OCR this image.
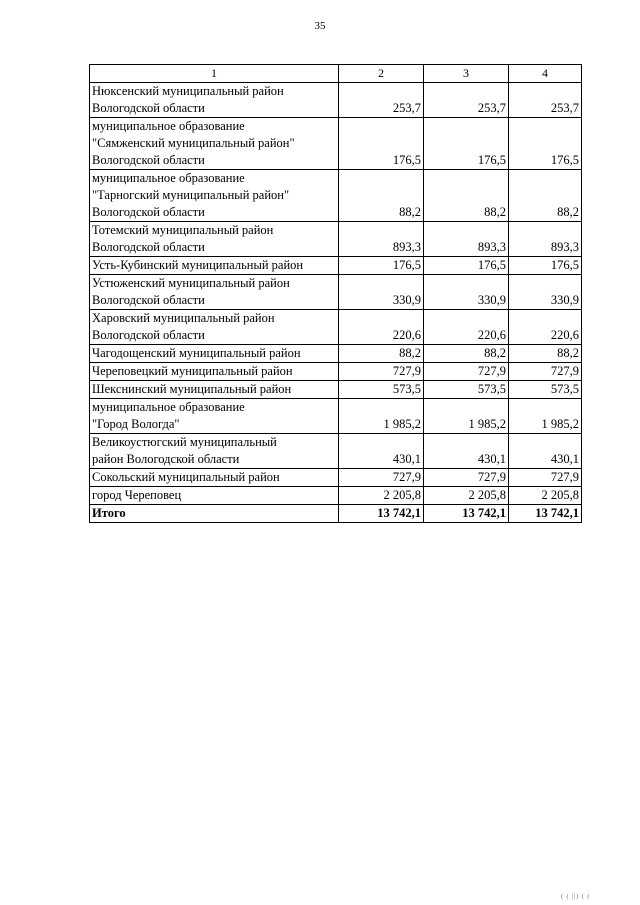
35
1	2	3	4
Нюксенский муниципальный район
Вологодской области	253,7	253,7	253,7
муниципальное образование
"Сямженский муниципальный район"
Вологодской области	176,5	176,5	176,5
муниципальное образование
"Тарногский муниципальный район"
Вологодской области	88,2	88,2	88,2
Тотемский муниципальный район
Вологодской области	893,3	893,3	893,3
Усть-Кубинский муниципальный район	176,5	176,5	176,5
Устюженский муниципальный район
Вологодской области	330,9	330,9	330,9
Харовский муниципальный район
Вологодской области	220,6	220,6	220,6
Чагодощенский муниципальный район	88,2	88,2	88,2
Череповецкий муниципальный район	727,9	727,9	727,9
Шекснинский муниципальный район	573,5	573,5	573,5
муниципальное образование
"Город Вологда"	1 985,2	1 985,2	1 985,2
Великоустюгский муниципальный
район Вологодской области	430,1	430,1	430,1
Сокольский муниципальный район	727,9	727,9	727,9
город Череповец	2 205,8	2 205,8	2 205,8
Итого	13 742,1	13 742,1	13 742,1
( ( ||) ( (
